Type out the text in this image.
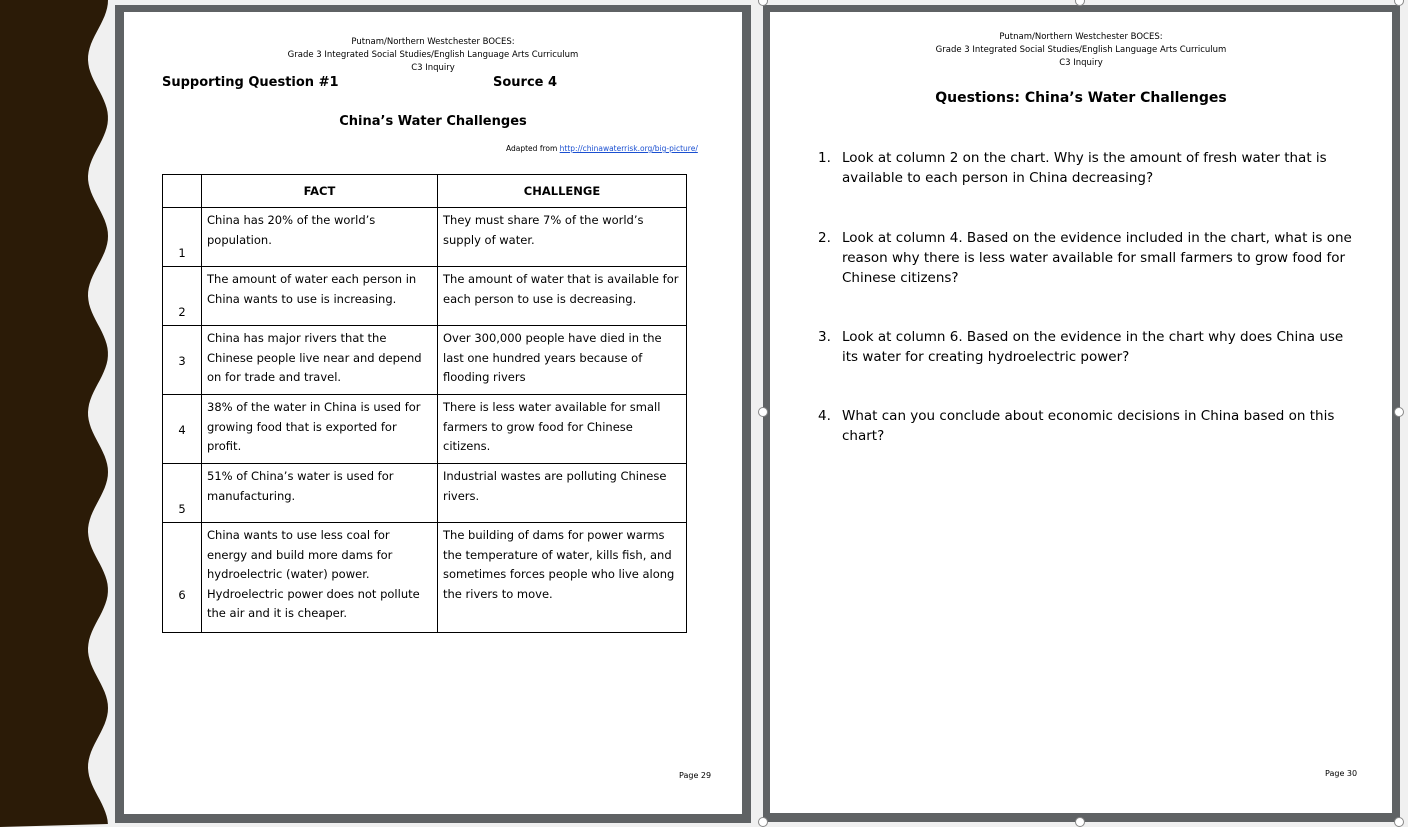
Putnam/Northern Westchester BOCES:
Grade 3 Integrated Social Studies/English Language Arts Curriculum
C3 Inquiry
Supporting Question #1	Source 4
China’s Water Challenges
Adapted from http://chinawaterrisk.org/big-picture/
	FACT	CHALLENGE
1	China has 20% of the world’s population.	They must share 7% of the world’s supply of water.
2	The amount of water each person in China wants to use is increasing.	The amount of water that is available for each person to use is decreasing.
3	China has major rivers that the Chinese people live near and depend on for trade and travel.	Over 300,000 people have died in the last one hundred years because of flooding rivers
4	38% of the water in China is used for growing food that is exported for profit.	There is less water available for small farmers to grow food for Chinese citizens.
5	51% of China’s water is used for manufacturing.	Industrial wastes are polluting Chinese rivers.
6	China wants to use less coal for energy and build more dams for hydroelectric (water) power. Hydroelectric power does not pollute the air and it is cheaper.	The building of dams for power warms the temperature of water, kills fish, and sometimes forces people who live along the rivers to move.
Page 29
Putnam/Northern Westchester BOCES:
Grade 3 Integrated Social Studies/English Language Arts Curriculum
C3 Inquiry
Questions: China’s Water Challenges
1. Look at column 2 on the chart. Why is the amount of fresh water that is available to each person in China decreasing?
2. Look at column 4. Based on the evidence included in the chart, what is one reason why there is less water available for small farmers to grow food for Chinese citizens?
3. Look at column 6. Based on the evidence in the chart why does China use its water for creating hydroelectric power?
4. What can you conclude about economic decisions in China based on this chart?
Page 30
